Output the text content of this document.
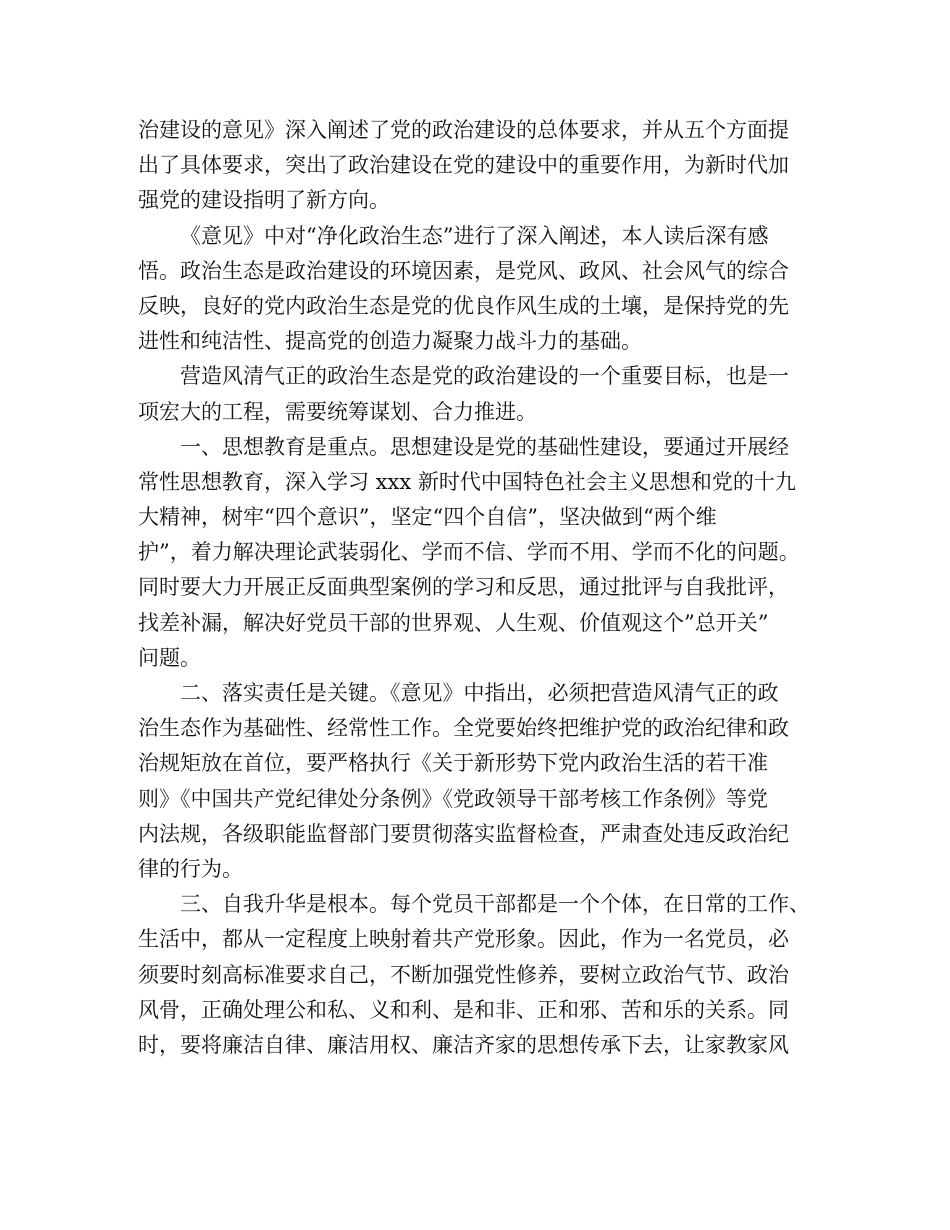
治建设的意见》深入阐述了党的政治建设的总体要求，并从五个方面提
出了具体要求，突出了政治建设在党的建设中的重要作用，为新时代加
强党的建设指明了新方向。
《意见》中对“净化政治生态”进行了深入阐述，本人读后深有感
悟。政治生态是政治建设的环境因素，是党风、政风、社会风气的综合
反映，良好的党内政治生态是党的优良作风生成的土壤，是保持党的先
进性和纯洁性、提高党的创造力凝聚力战斗力的基础。
营造风清气正的政治生态是党的政治建设的一个重要目标，也是一
项宏大的工程，需要统筹谋划、合力推进。
一、思想教育是重点。思想建设是党的基础性建设，要通过开展经
常性思想教育，深入学习 xxx 新时代中国特色社会主义思想和党的十九
大精神，树牢“四个意识”，坚定“四个自信”，坚决做到“两个维
护”，着力解决理论武装弱化、学而不信、学而不用、学而不化的问题。
同时要大力开展正反面典型案例的学习和反思，通过批评与自我批评，
找差补漏，解决好党员干部的世界观、人生观、价值观这个”总开关”
问题。
二、落实责任是关键。《意见》中指出，必须把营造风清气正的政
治生态作为基础性、经常性工作。全党要始终把维护党的政治纪律和政
治规矩放在首位，要严格执行《关于新形势下党内政治生活的若干准
则》《中国共产党纪律处分条例》《党政领导干部考核工作条例》等党
内法规，各级职能监督部门要贯彻落实监督检查，严肃查处违反政治纪
律的行为。
三、自我升华是根本。每个党员干部都是一个个体，在日常的工作、
生活中，都从一定程度上映射着共产党形象。因此，作为一名党员，必
须要时刻高标准要求自己，不断加强党性修养，要树立政治气节、政治
风骨，正确处理公和私、义和利、是和非、正和邪、苦和乐的关系。同
时，要将廉洁自律、廉洁用权、廉洁齐家的思想传承下去，让家教家风
